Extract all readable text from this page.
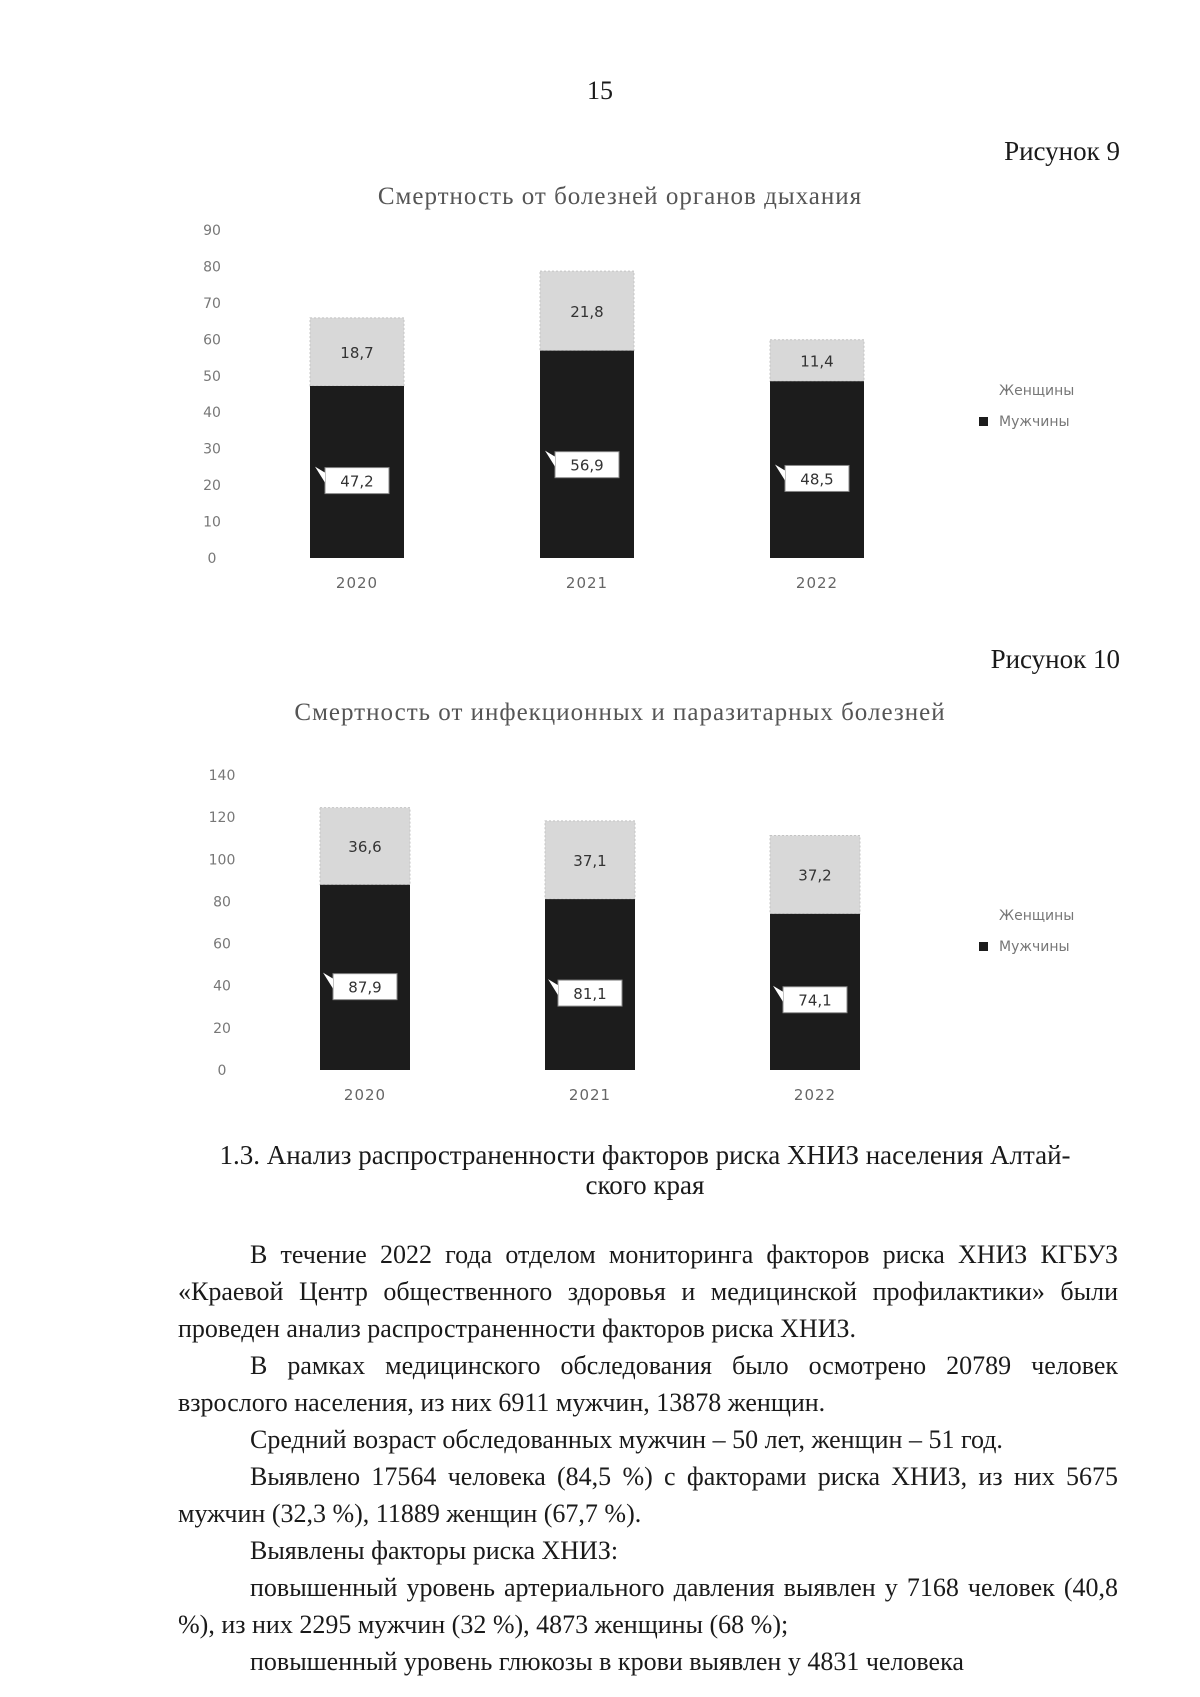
15
Рисунок 9
Смертность от болезней органов дыхания
0
10
20
30
40
50
60
70
80
90
18,7
47,2
2020
21,8
56,9
2021
11,4
48,5
2022
Женщины
Мужчины
Рисунок 10
Смертность от инфекционных и паразитарных болезней
0
20
40
60
80
100
120
140
36,6
87,9
2020
37,1
81,1
2021
37,2
74,1
2022
Женщины
Мужчины
1.3. Анализ распространенности факторов риска ХНИЗ населения Алтай-
ского края

В течение 2022 года отделом мониторинга факторов риска ХНИЗ КГБУЗ «Краевой Центр общественного здоровья и медицинской профилактики» были проведен анализ распространенности факторов риска ХНИЗ.

В рамках медицинского обследования было осмотрено 20789 человек взрослого населения, из них 6911 мужчин, 13878 женщин.

Средний возраст обследованных мужчин – 50 лет, женщин – 51 год.

Выявлено 17564 человека (84,5 %) с факторами риска ХНИЗ, из них 5675 мужчин (32,3 %), 11889 женщин (67,7 %).

Выявлены факторы риска ХНИЗ:

повышенный уровень артериального давления выявлен у 7168 человек (40,8 %), из них 2295 мужчин (32 %), 4873 женщины (68 %);

повышенный уровень глюкозы в крови выявлен у 4831 человека
